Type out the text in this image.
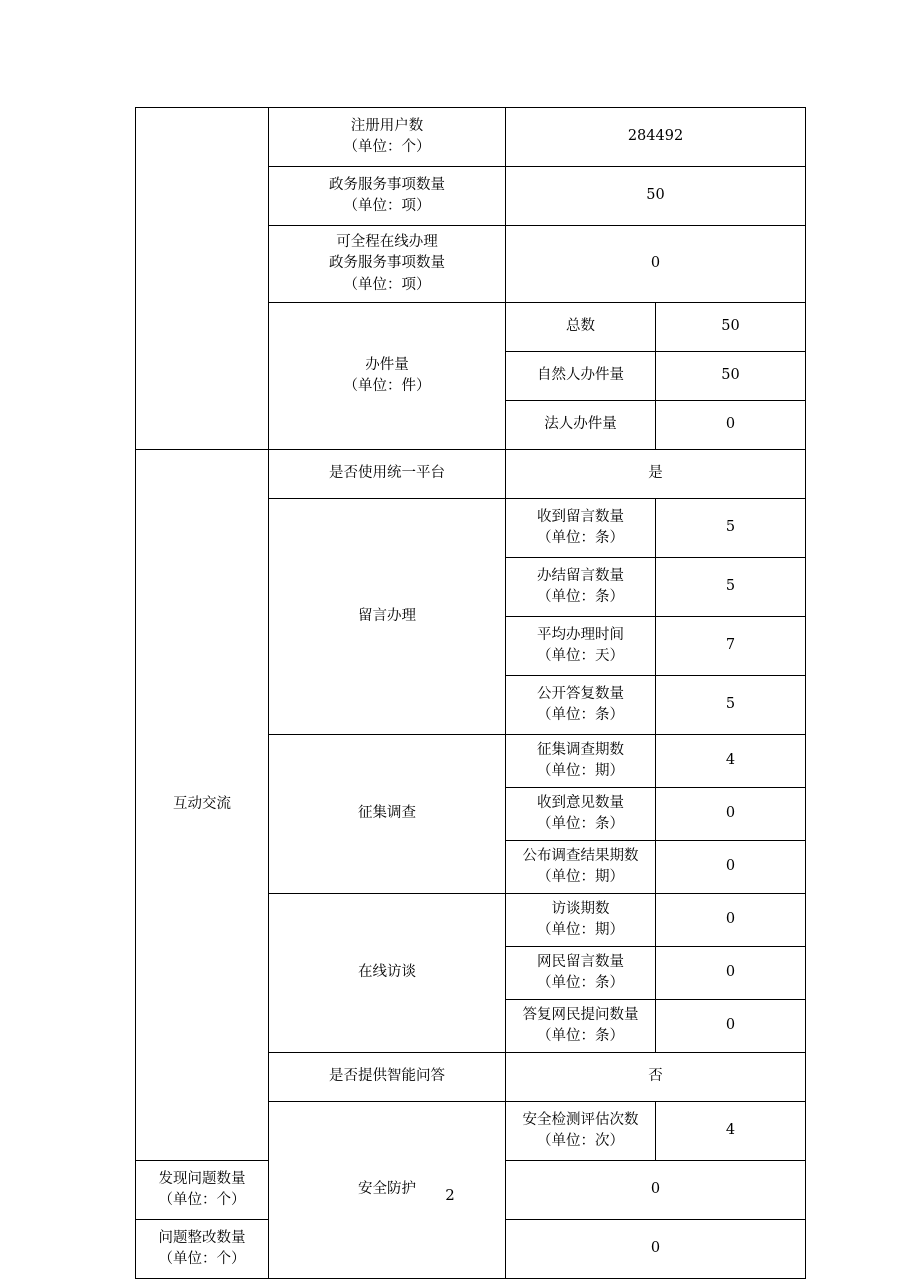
	注册用户数
（单位：个）	284492	
	政务服务事项数量
（单位：项）	50	
	可全程在线办理
政务服务事项数量
（单位：项）	0	
	办件量
（单位：件）	总数	50
		自然人办件量	50
		法人办件量	0
互动交流	是否使用统一平台	是	
	留言办理	收到留言数量
（单位：条）	5
		办结留言数量
（单位：条）	5
		平均办理时间
（单位：天）	7
		公开答复数量
（单位：条）	5
	征集调查	征集调查期数
（单位：期）	4
		收到意见数量
（单位：条）	0
		公布调查结果期数
（单位：期）	0
	在线访谈	访谈期数
（单位：期）	0
		网民留言数量
（单位：条）	0
		答复网民提问数量
（单位：条）	0
	是否提供智能问答	否	
	安全防护	安全检测评估次数
（单位：次）	4
发现问题数量
（单位：个）		0	
问题整改数量
（单位：个）		0	
2
